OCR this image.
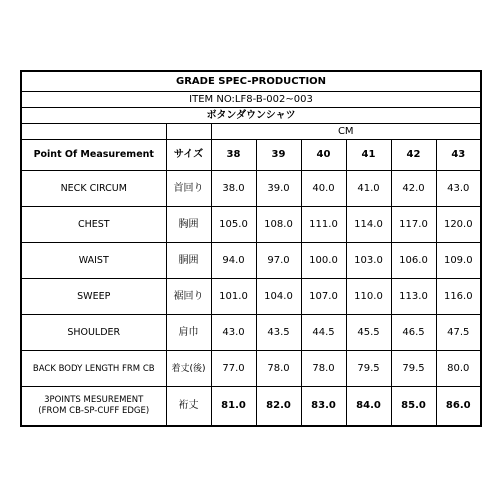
GRADE SPEC-PRODUCTION							
ITEM NO:LF8-B-002~003							
ボタンダウンシャツ							
		CM					
Point Of Measurement	サイズ	38	39	40	41	42	43
NECK CIRCUM	首回り	38.0	39.0	40.0	41.0	42.0	43.0
CHEST	胸囲	105.0	108.0	111.0	114.0	117.0	120.0
WAIST	胴囲	94.0	97.0	100.0	103.0	106.0	109.0
SWEEP	裾回り	101.0	104.0	107.0	110.0	113.0	116.0
SHOULDER	肩巾	43.0	43.5	44.5	45.5	46.5	47.5
BACK BODY LENGTH FRM CB	着丈(後)	77.0	78.0	78.0	79.5	79.5	80.0

3POINTS MESUREMENT
(FROM CB-SP-CUFF EDGE)	裄丈	81.0	82.0	83.0	84.0	85.0	86.0
